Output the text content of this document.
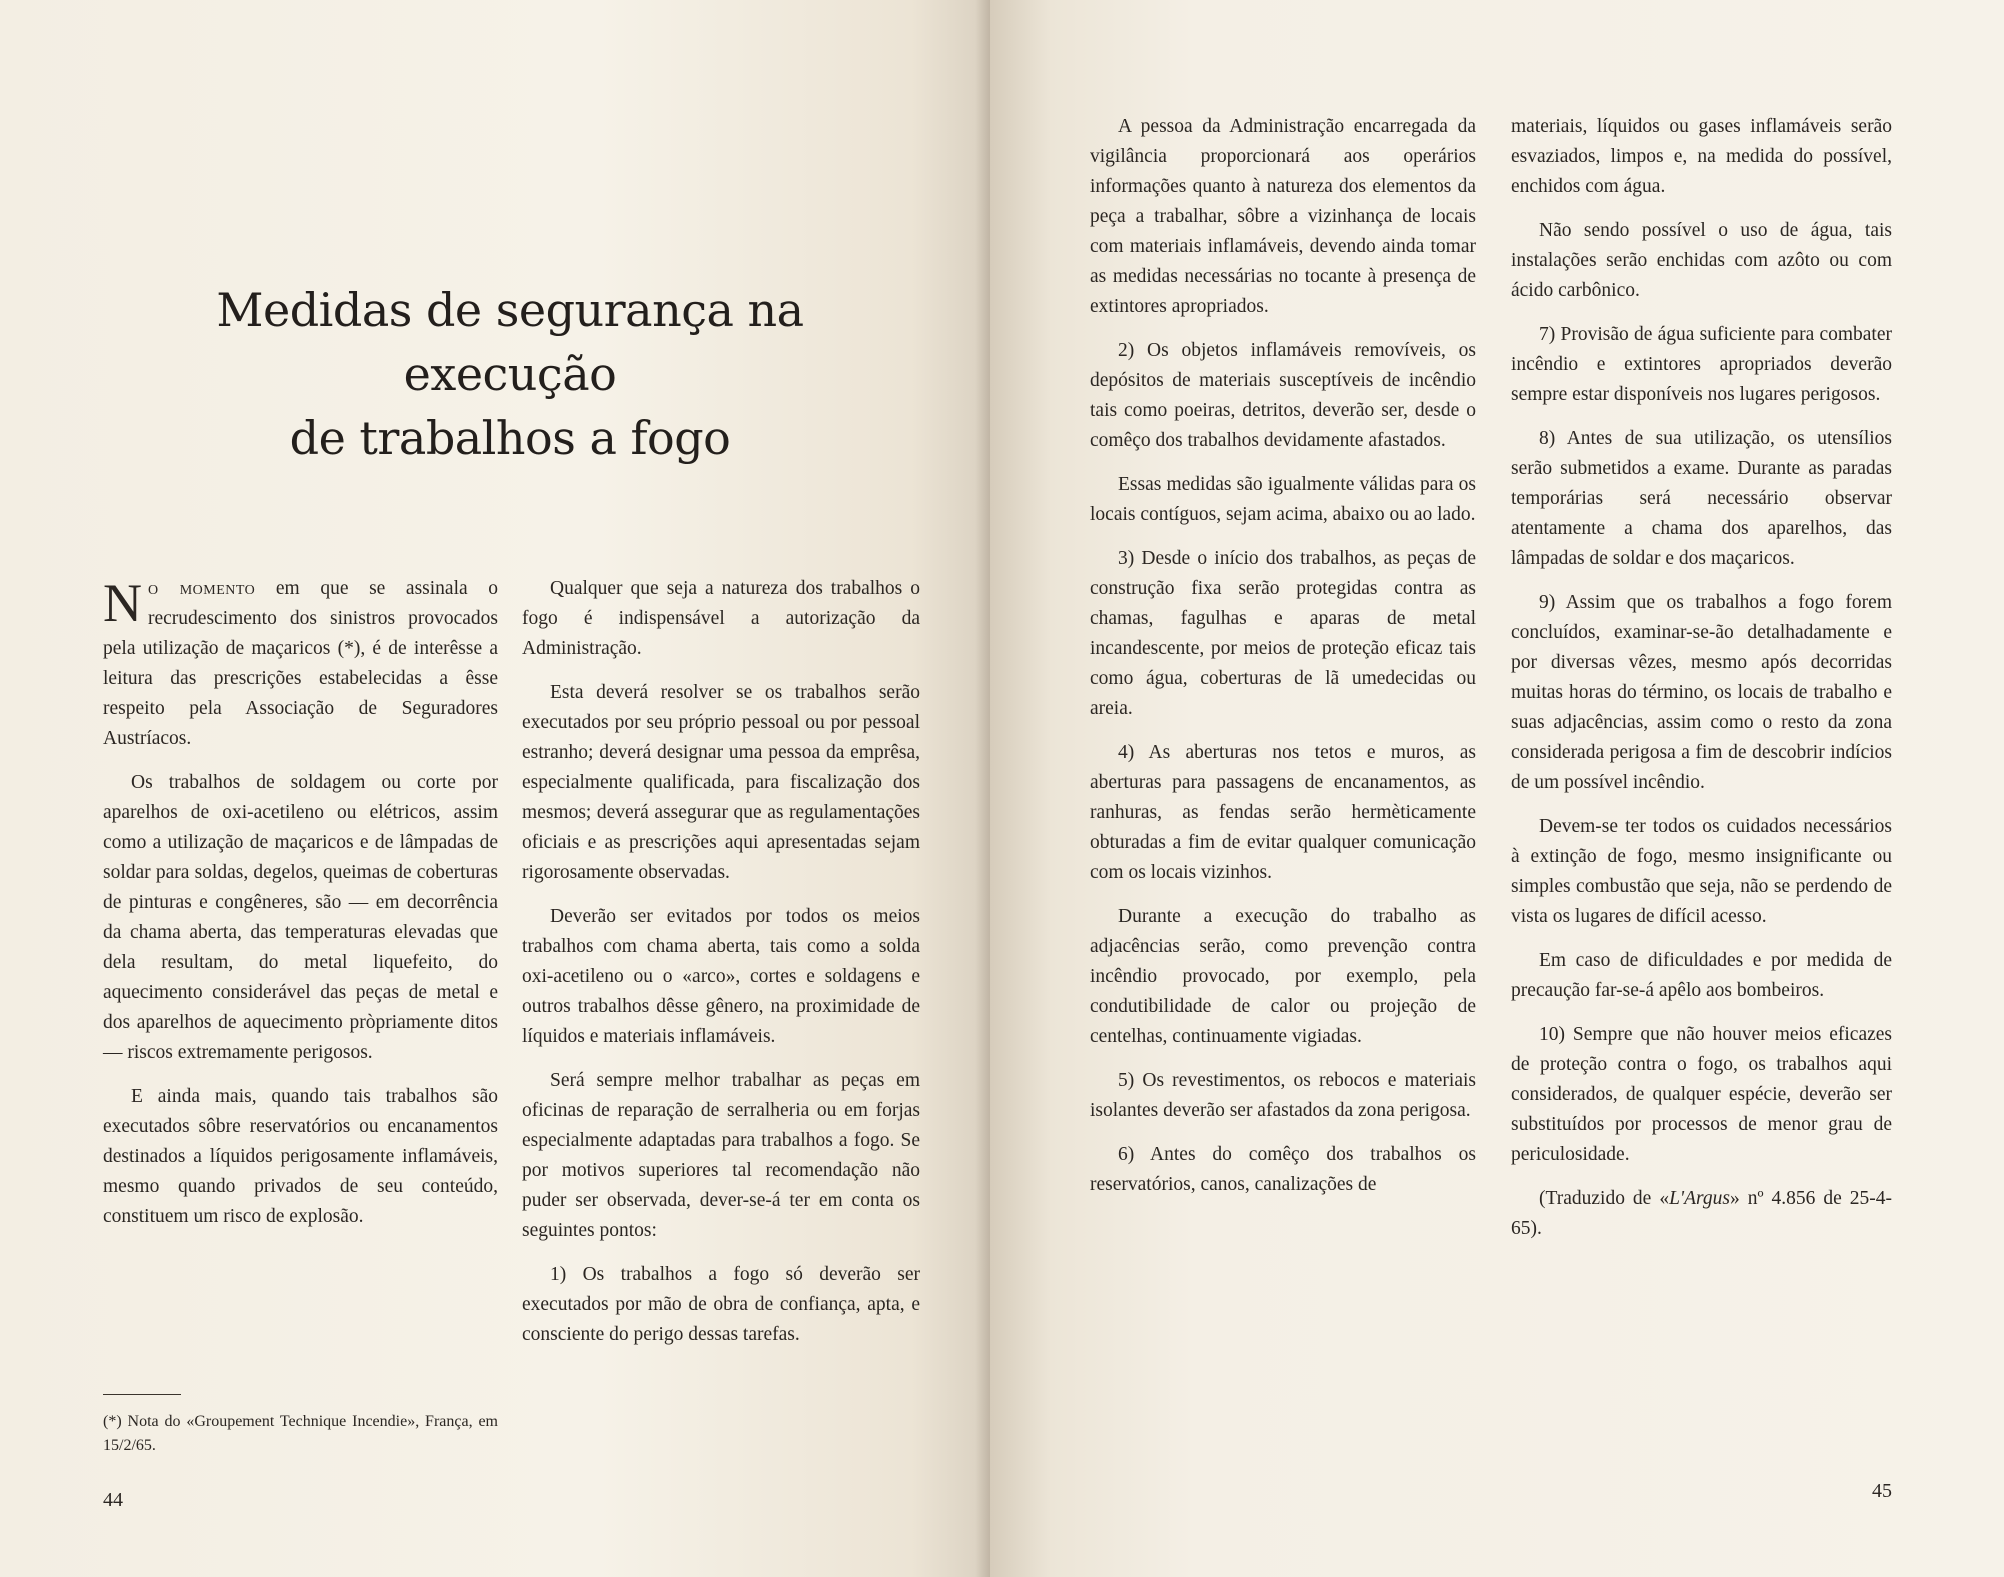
Medidas de segurança na execução
de trabalhos a fogo

No momento em que se assinala o recrudescimento dos sinistros provocados pela utilização de maçaricos (*), é de interêsse a leitura das prescrições estabelecidas a êsse respeito pela Associação de Seguradores Austríacos.

Os trabalhos de soldagem ou corte por aparelhos de oxi-acetileno ou elétricos, assim como a utilização de maçaricos e de lâmpadas de soldar para soldas, degelos, queimas de coberturas de pinturas e congêneres, são — em decorrência da chama aberta, das temperaturas elevadas que dela resultam, do metal liquefeito, do aquecimento considerável das peças de metal e dos aparelhos de aquecimento pròpriamente ditos — riscos extremamente perigosos.

E ainda mais, quando tais trabalhos são executados sôbre reservatórios ou encanamentos destinados a líquidos perigosamente inflamáveis, mesmo quando privados de seu conteúdo, constituem um risco de explosão.

(*) Nota do «Groupement Technique Incendie», França, em 15/2/65.

Qualquer que seja a natureza dos trabalhos o fogo é indispensável a autorização da Administração.

Esta deverá resolver se os trabalhos serão executados por seu próprio pessoal ou por pessoal estranho; deverá designar uma pessoa da emprêsa, especialmente qualificada, para fiscalização dos mesmos; deverá assegurar que as regulamentações oficiais e as prescrições aqui apresentadas sejam rigorosamente observadas.

Deverão ser evitados por todos os meios trabalhos com chama aberta, tais como a solda oxi-acetileno ou o «arco», cortes e soldagens e outros trabalhos dêsse gênero, na proximidade de líquidos e materiais inflamáveis.

Será sempre melhor trabalhar as peças em oficinas de reparação de serralheria ou em forjas especialmente adaptadas para trabalhos a fogo. Se por motivos superiores tal recomendação não puder ser observada, dever-se-á ter em conta os seguintes pontos:

1) Os trabalhos a fogo só deverão ser executados por mão de obra de confiança, apta, e consciente do perigo dessas tarefas.

44

A pessoa da Administração encarregada da vigilância proporcionará aos operários informações quanto à natureza dos elementos da peça a trabalhar, sôbre a vizinhança de locais com materiais inflamáveis, devendo ainda tomar as medidas necessárias no tocante à presença de extintores apropriados.

2) Os objetos inflamáveis removíveis, os depósitos de materiais susceptíveis de incêndio tais como poeiras, detritos, deverão ser, desde o comêço dos trabalhos devidamente afastados.

Essas medidas são igualmente válidas para os locais contíguos, sejam acima, abaixo ou ao lado.

3) Desde o início dos trabalhos, as peças de construção fixa serão protegidas contra as chamas, fagulhas e aparas de metal incandescente, por meios de proteção eficaz tais como água, coberturas de lã umedecidas ou areia.

4) As aberturas nos tetos e muros, as aberturas para passagens de encanamentos, as ranhuras, as fendas serão hermèticamente obturadas a fim de evitar qualquer comunicação com os locais vizinhos.

Durante a execução do trabalho as adjacências serão, como prevenção contra incêndio provocado, por exemplo, pela condutibilidade de calor ou projeção de centelhas, continuamente vigiadas.

5) Os revestimentos, os rebocos e materiais isolantes deverão ser afastados da zona perigosa.

6) Antes do comêço dos trabalhos os reservatórios, canos, canalizações de

materiais, líquidos ou gases inflamáveis serão esvaziados, limpos e, na medida do possível, enchidos com água.

Não sendo possível o uso de água, tais instalações serão enchidas com azôto ou com ácido carbônico.

7) Provisão de água suficiente para combater incêndio e extintores apropriados deverão sempre estar disponíveis nos lugares perigosos.

8) Antes de sua utilização, os utensílios serão submetidos a exame. Durante as paradas temporárias será necessário observar atentamente a chama dos aparelhos, das lâmpadas de soldar e dos maçaricos.

9) Assim que os trabalhos a fogo forem concluídos, examinar-se-ão detalhadamente e por diversas vêzes, mesmo após decorridas muitas horas do término, os locais de trabalho e suas adjacências, assim como o resto da zona considerada perigosa a fim de descobrir indícios de um possível incêndio.

Devem-se ter todos os cuidados necessários à extinção de fogo, mesmo insignificante ou simples combustão que seja, não se perdendo de vista os lugares de difícil acesso.

Em caso de dificuldades e por medida de precaução far-se-á apêlo aos bombeiros.

10) Sempre que não houver meios eficazes de proteção contra o fogo, os trabalhos aqui considerados, de qualquer espécie, deverão ser substituídos por processos de menor grau de periculosidade.

(Traduzido de «L'Argus» nº 4.856 de 25-4-65).

45
